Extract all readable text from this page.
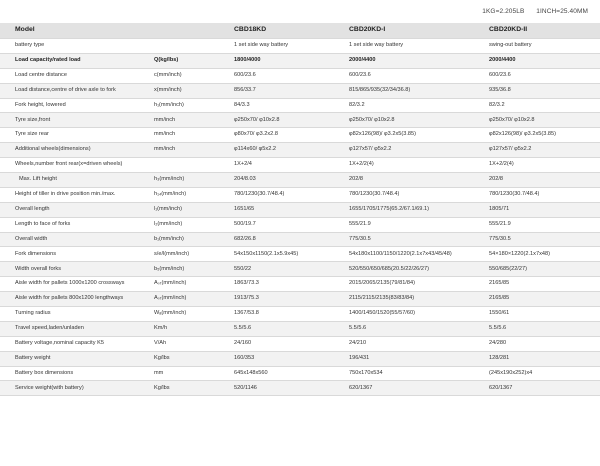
1KG=2.205LB 1INCH=25.40MM
Model		CBD18KD	CBD20KD-I	CBD20KD-II
battery type		1 set side way battery	1 set side way battery	swing-out battery
Load capacity/rated load	Q(kg/lbs)	1800/4000	2000/4400	2000/4400
Load centre distance	c(mm/inch)	600/23.6	600/23.6	600/23.6
Load distance,centre of drive axle to fork	x(mm/inch)	856/33.7	815/865/935(32/34/36.8)	935/36.8
Fork height, lowered	h₁(mm/inch)	84/3.3	82/3.2	82/3.2
Tyre size,front	mm/inch	φ250x70/ φ10x2.8	φ250x70/ φ10x2.8	φ250x70/ φ10x2.8
Tyre size rear	mm/inch	φ80x70/ φ3.2x2.8	φ82x126(98)/ φ3.2x5(3.85)	φ82x126(98)/ φ3.2x5(3.85)
Additional wheels(dimensions)	mm/inch	φ114x60/ φ5x2.2	φ127x57/ φ5x2.2	φ127x57/ φ5x2.2
Wheels,number front rear(x=driven wheels)		1X+2/4	1X+2/2(4)	1X+2/2(4)
Max. Lift height	h₃(mm/inch)	204/8.03	202/8	202/8
Height of tiller in drive position min./max.	h₁₄(mm/inch)	780/1230(30.7/48.4)	780/1230(30.7/48.4)	780/1230(30.7/48.4)
Overall length	l₁(mm/inch)	1651/65	1655/1705/1775(65.2/67.1/69.1)	1805/71
Length to face of forks	l₂(mm/inch)	500/19.7	555/21.9	555/21.9
Overall width	b₁(mm/inch)	682/26.8	775/30.5	775/30.5
Fork dimensions	s/e/l(mm/inch)	54x150x1150(2.1x5.9x45)	54x180x1100/1150/1220(2.1x7x43/45/48)	54×180×1220(2.1x7x48)
Width overall forks	b₅(mm/inch)	550/22	520/550/650/685(20.5/22/26/27)	550/685(22/27)
Aisle width for pallets 1000x1200 crossways	Aₛₜ(mm/inch)	1863/73.3	2015/2065/2135(79/81/84)	2165/85
Aisle width for pallets 800x1200 lengthways	Aₛₜ(mm/inch)	1913/75.3	2115/2115/2135(83/83/84)	2165/85
Turning radius	Wₐ(mm/inch)	1367/53.8	1400/1450/1520(55/57/60)	1550/61
Travel speed,laden/unladen	Km/h	5.5/5.6	5.5/5.6	5.5/5.6
Battery voltage,nominal capacity K5	V/Ah	24/160	24/210	24/280
Battery weight	Kg/lbs	160/353	196/431	128/281
Battery box dimensions	mm	645x148x560	750x170x534	(245x190x252)x4
Service weight(with battery)	Kg/lbs	520/1146	620/1367	620/1367
